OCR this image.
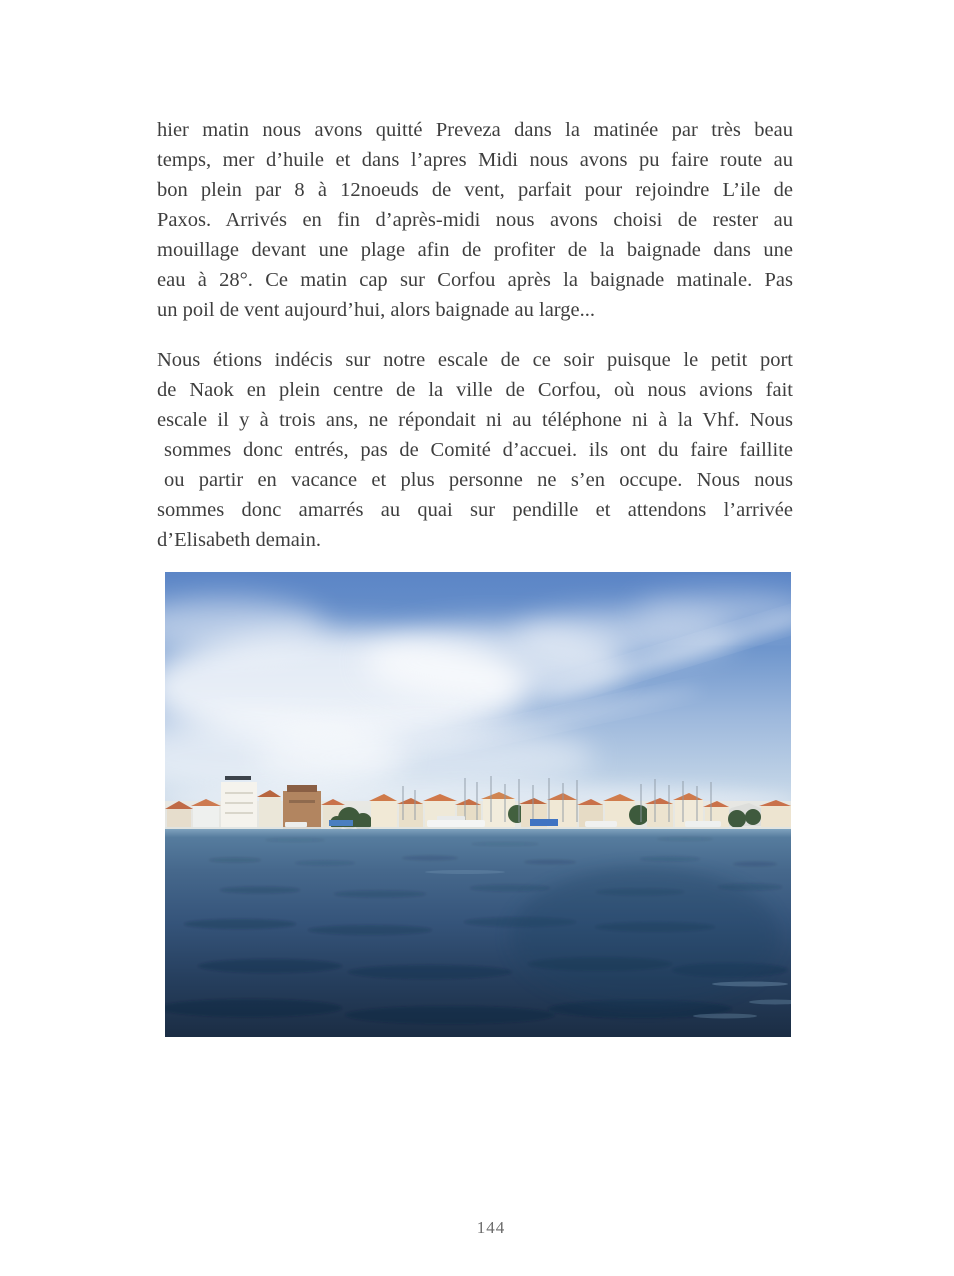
hier matin nous avons quitté Preveza dans la matinée par très beau
temps, mer d’huile et dans l’apres Midi nous avons pu faire route au
bon plein par 8 à 12noeuds de vent, parfait pour rejoindre L’ile de
Paxos. Arrivés en fin d’après-midi nous avons choisi de rester au
mouillage devant une plage afin de profiter de la baignade dans une
eau à 28°. Ce matin cap sur Corfou après la baignade matinale. Pas
un poil de vent aujourd’hui, alors baignade au large...
Nous étions indécis sur notre escale de ce soir puisque le petit port
de Naok en plein centre de la ville de Corfou, où nous avions fait
escale il y à trois ans, ne répondait ni au téléphone ni à la Vhf. Nous
sommes donc entrés, pas de Comité d’accuei. ils ont du faire faillite
ou partir en vacance et plus personne ne s’en occupe. Nous nous
sommes donc amarrés au quai sur pendille et attendons l’arrivée
d’Elisabeth demain.
144
